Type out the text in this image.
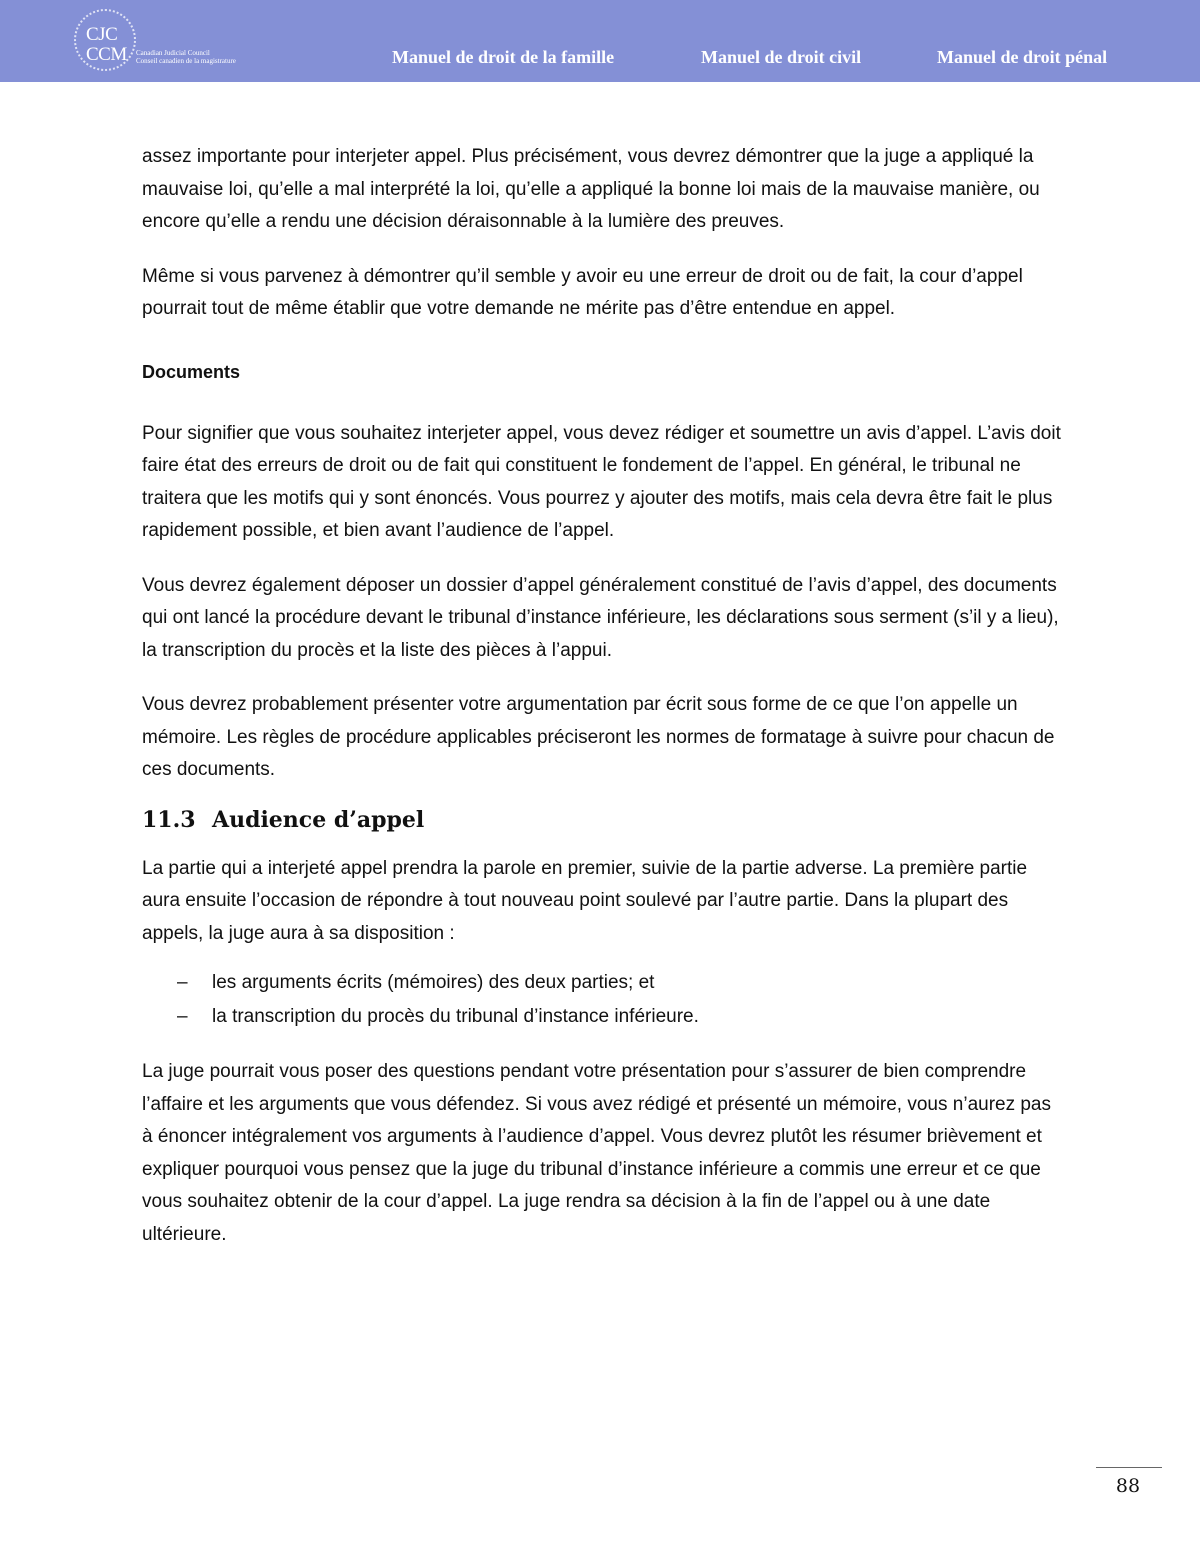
CJC
CCM Canadian Judicial Council
Conseil canadien de la magistrature	Manuel de droit de la famille	Manuel de droit civil	Manuel de droit pénal

assez importante pour interjeter appel. Plus précisément, vous devrez démontrer que la juge a appliqué la mauvaise loi, qu’elle a mal interprété la loi, qu’elle a appliqué la bonne loi mais de la mauvaise manière, ou encore qu’elle a rendu une décision déraisonnable à la lumière des preuves.

Même si vous parvenez à démontrer qu’il semble y avoir eu une erreur de droit ou de fait, la cour d’appel pourrait tout de même établir que votre demande ne mérite pas d’être entendue en appel.

Documents

Pour signifier que vous souhaitez interjeter appel, vous devez rédiger et soumettre un avis d’appel. L’avis doit faire état des erreurs de droit ou de fait qui constituent le fondement de l’appel. En général, le tribunal ne traitera que les motifs qui y sont énoncés. Vous pourrez y ajouter des motifs, mais cela devra être fait le plus rapidement possible, et bien avant l’audience de l’appel.

Vous devrez également déposer un dossier d’appel généralement constitué de l’avis d’appel, des documents qui ont lancé la procédure devant le tribunal d’instance inférieure, les déclarations sous serment (s’il y a lieu), la transcription du procès et la liste des pièces à l’appui.

Vous devrez probablement présenter votre argumentation par écrit sous forme de ce que l’on appelle un mémoire. Les règles de procédure applicables préciseront les normes de formatage à suivre pour chacun de ces documents.

11.3 Audience d’appel

La partie qui a interjeté appel prendra la parole en premier, suivie de la partie adverse. La première partie aura ensuite l’occasion de répondre à tout nouveau point soulevé par l’autre partie. Dans la plupart des appels, la juge aura à sa disposition :

– les arguments écrits (mémoires) des deux parties; et
– la transcription du procès du tribunal d’instance inférieure.

La juge pourrait vous poser des questions pendant votre présentation pour s’assurer de bien comprendre l’affaire et les arguments que vous défendez. Si vous avez rédigé et présenté un mémoire, vous n’aurez pas à énoncer intégralement vos arguments à l’audience d’appel. Vous devrez plutôt les résumer brièvement et expliquer pourquoi vous pensez que la juge du tribunal d’instance inférieure a commis une erreur et ce que vous souhaitez obtenir de la cour d’appel. La juge rendra sa décision à la fin de l’appel ou à une date ultérieure.

88
